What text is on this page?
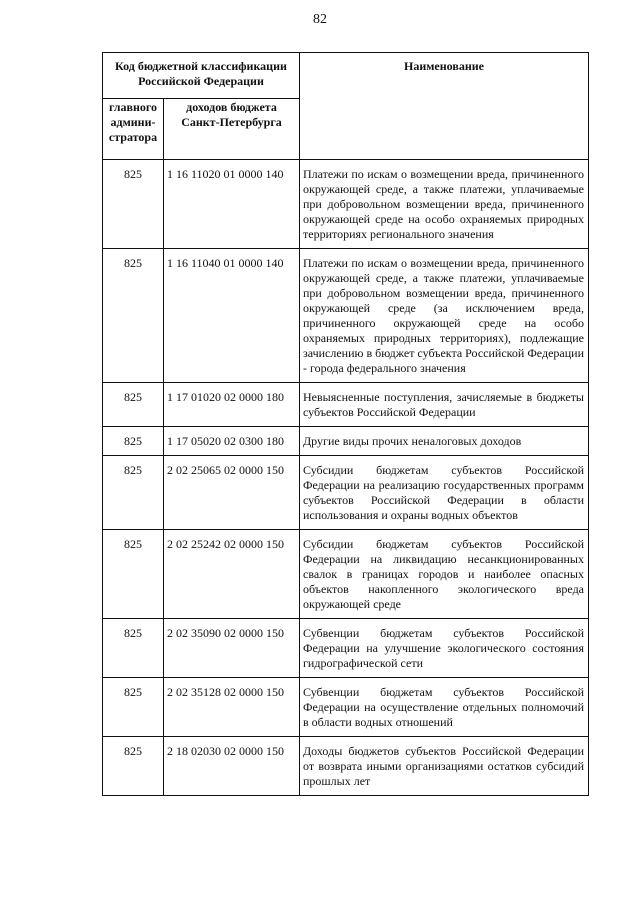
82
Код бюджетной классификации Российской Федерации		Наименование
главного админи-стратора	доходов бюджета Санкт-Петербурга	
825	1 16 11020 01 0000 140	Платежи по искам о возмещении вреда, причиненного окружающей среде, а также платежи, уплачиваемые при добровольном возмещении вреда, причиненного окружающей среде на особо охраняемых природных территориях регионального значения
825	1 16 11040 01 0000 140	Платежи по искам о возмещении вреда, причиненного окружающей среде, а также платежи, уплачиваемые при добровольном возмещении вреда, причиненного окружающей среде (за исключением вреда, причиненного окружающей среде на особо охраняемых природных территориях), подлежащие зачислению в бюджет субъекта Российской Федерации - города федерального значения
825	1 17 01020 02 0000 180	Невыясненные поступления, зачисляемые в бюджеты субъектов Российской Федерации
825	1 17 05020 02 0300 180	Другие виды прочих неналоговых доходов
825	2 02 25065 02 0000 150	Субсидии бюджетам субъектов Российской Федерации на реализацию государственных программ субъектов Российской Федерации в области использования и охраны водных объектов
825	2 02 25242 02 0000 150	Субсидии бюджетам субъектов Российской Федерации на ликвидацию несанкционированных свалок в границах городов и наиболее опасных объектов накопленного экологического вреда окружающей среде
825	2 02 35090 02 0000 150	Субвенции бюджетам субъектов Российской Федерации на улучшение экологического состояния гидрографической сети
825	2 02 35128 02 0000 150	Субвенции бюджетам субъектов Российской Федерации на осуществление отдельных полномочий в области водных отношений
825	2 18 02030 02 0000 150	Доходы бюджетов субъектов Российской Федерации от возврата иными организациями остатков субсидий прошлых лет
